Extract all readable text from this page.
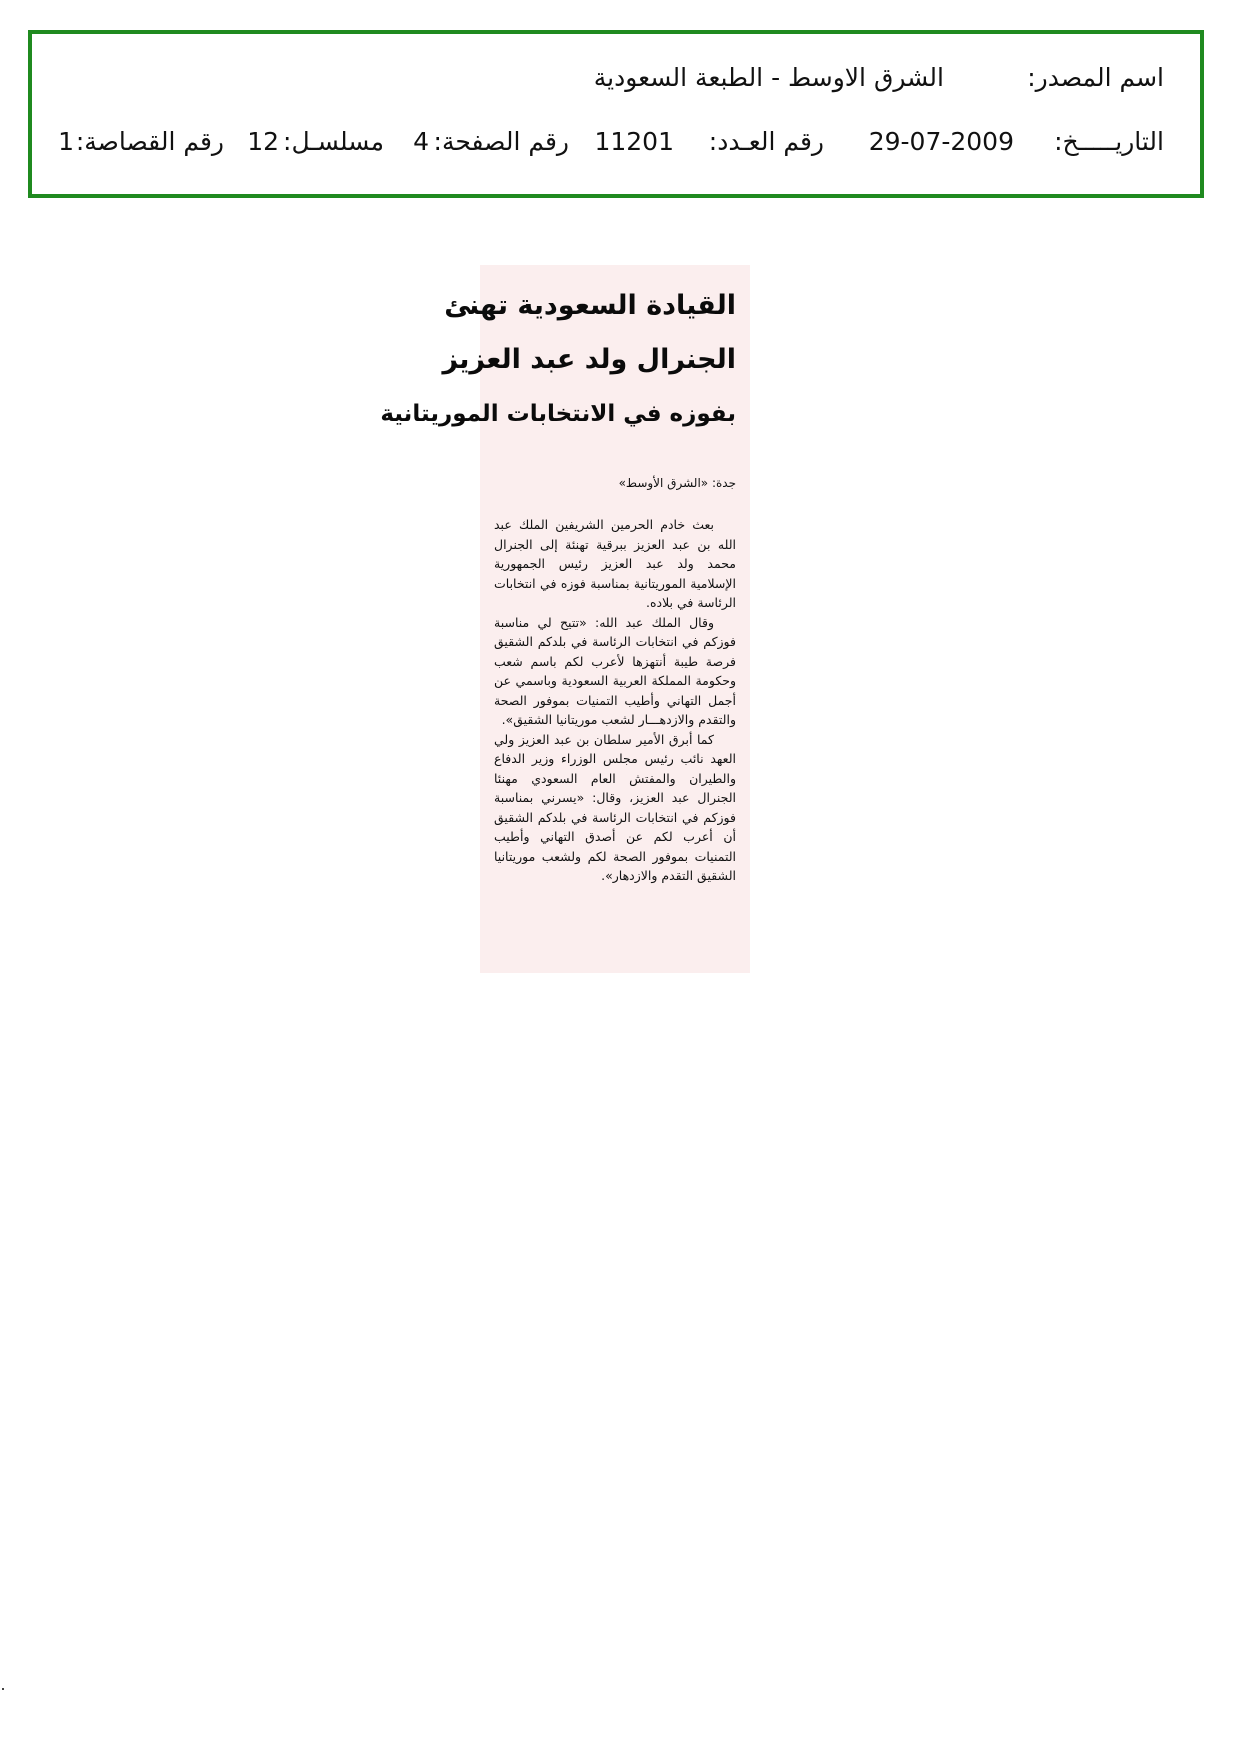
اسم المصدر:
الشرق الاوسط - الطبعة السعودية
التاريـــــخ:
29-07-2009
رقم العـدد:
11201
رقم الصفحة:
4
مسلسـل:
12
رقم القصاصة:
1
القيادة السعودية تهنئ
الجنرال ولد عبد العزيز
بفوزه في الانتخابات الموريتانية
جدة: «الشرق الأوسط»

بعث خادم الحرمين الشريفين الملك عبد الله بن عبد العزيز ببرقية تهنئة إلى الجنرال محمد ولد عبد العزيز رئيس الجمهورية الإسلامية الموريتانية بمناسبة فوزه في انتخابات الرئاسة في بلاده.

وقال الملك عبد الله: «تتيح لي مناسبة فوزكم في انتخابات الرئاسة في بلدكم الشقيق فرصة طيبة أنتهزها لأعرب لكم باسم شعب وحكومة المملكة العربية السعودية وباسمي عن أجمل التهاني وأطيب التمنيات بموفور الصحة والتقدم والازدهـــار لشعب موريتانيا الشقيق».

كما أبرق الأمير سلطان بن عبد العزيز ولي العهد نائب رئيس مجلس الوزراء وزير الدفاع والطيران والمفتش العام السعودي مهنئا الجنرال عبد العزيز، وقال: «يسرني بمناسبة فوزكم في انتخابات الرئاسة في بلدكم الشقيق أن أعرب لكم عن أصدق التهاني وأطيب التمنيات بموفور الصحة لكم ولشعب موريتانيا الشقيق التقدم والازدهار».
